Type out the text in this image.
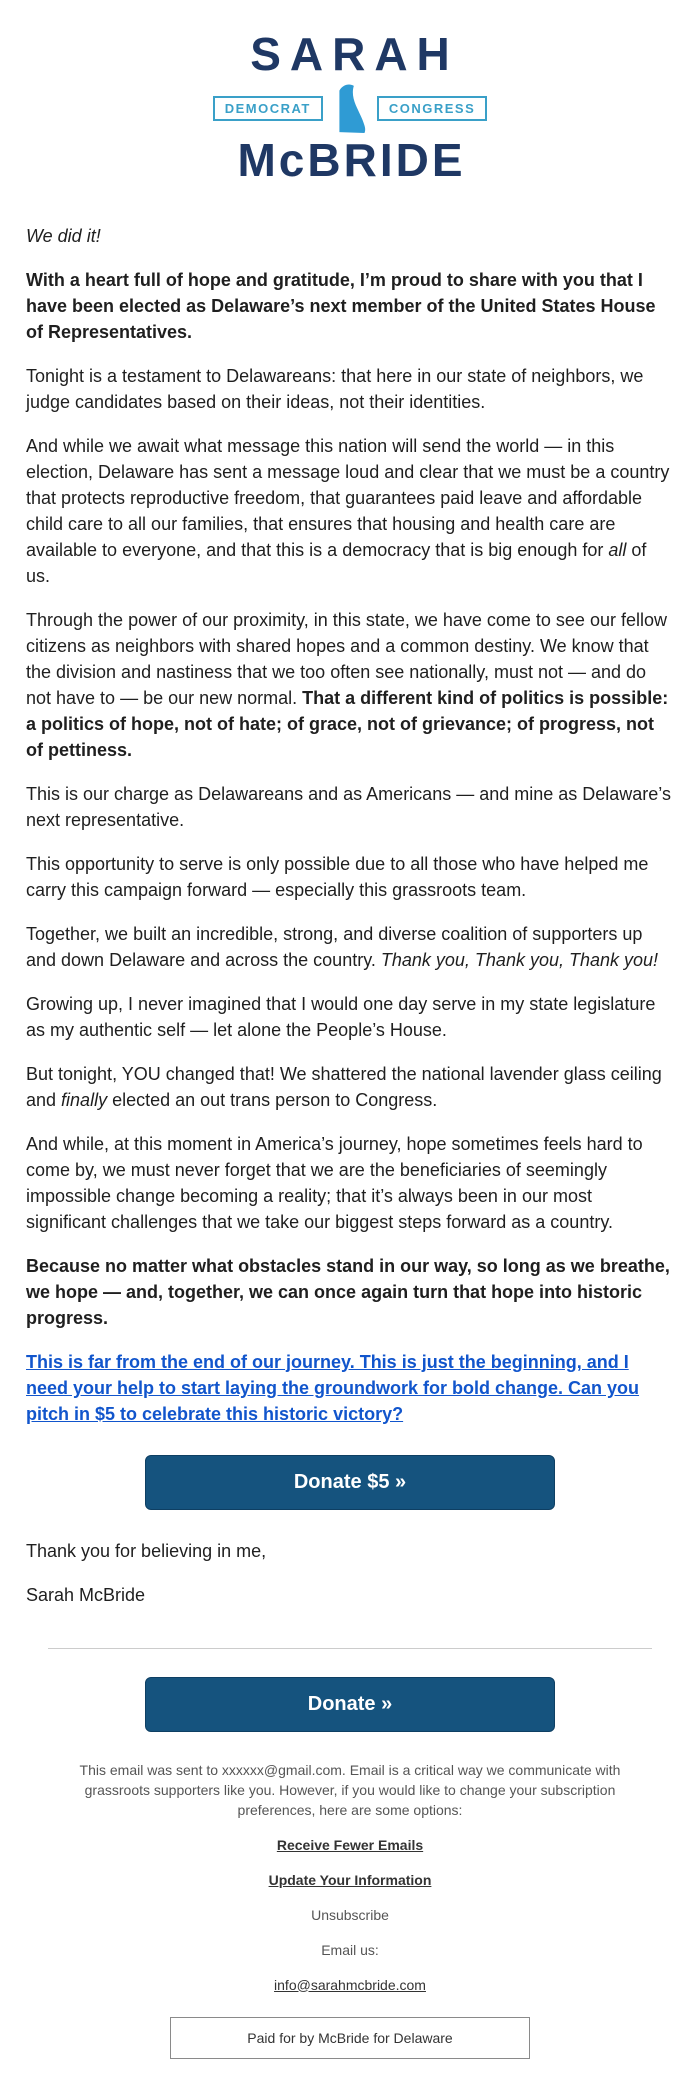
SARAH
DEMOCRAT	CONGRESS
McBRIDE

We did it!

With a heart full of hope and gratitude, I’m proud to share with you that I have been elected as Delaware’s next member of the United States House of Representatives.

Tonight is a testament to Delawareans: that here in our state of neighbors, we judge candidates based on their ideas, not their identities.

And while we await what message this nation will send the world — in this election, Delaware has sent a message loud and clear that we must be a country that protects reproductive freedom, that guarantees paid leave and affordable child care to all our families, that ensures that housing and health care are available to everyone, and that this is a democracy that is big enough for all of us.

Through the power of our proximity, in this state, we have come to see our fellow citizens as neighbors with shared hopes and a common destiny. We know that the division and nastiness that we too often see nationally, must not — and do not have to — be our new normal. That a different kind of politics is possible: a politics of hope, not of hate; of grace, not of grievance; of progress, not of pettiness.

This is our charge as Delawareans and as Americans — and mine as Delaware’s next representative.

This opportunity to serve is only possible due to all those who have helped me carry this campaign forward — especially this grassroots team.

Together, we built an incredible, strong, and diverse coalition of supporters up and down Delaware and across the country. Thank you, Thank you, Thank you!

Growing up, I never imagined that I would one day serve in my state legislature as my authentic self — let alone the People’s House.

But tonight, YOU changed that! We shattered the national lavender glass ceiling and finally elected an out trans person to Congress.

And while, at this moment in America’s journey, hope sometimes feels hard to come by, we must never forget that we are the beneficiaries of seemingly impossible change becoming a reality; that it’s always been in our most significant challenges that we take our biggest steps forward as a country.

Because no matter what obstacles stand in our way, so long as we breathe, we hope — and, together, we can once again turn that hope into historic progress.

This is far from the end of our journey. This is just the beginning, and I need your help to start laying the groundwork for bold change. Can you pitch in $5 to celebrate this historic victory?
Donate $5 »

Thank you for believing in me,

Sarah McBride

Donate »

This email was sent to xxxxxx@gmail.com. Email is a critical way we communicate with grassroots supporters like you. However, if you would like to change your subscription preferences, here are some options:

Receive Fewer Emails
Update Your Information
Unsubscribe
Email us:
info@sarahmcbride.com
Paid for by McBride for Delaware
